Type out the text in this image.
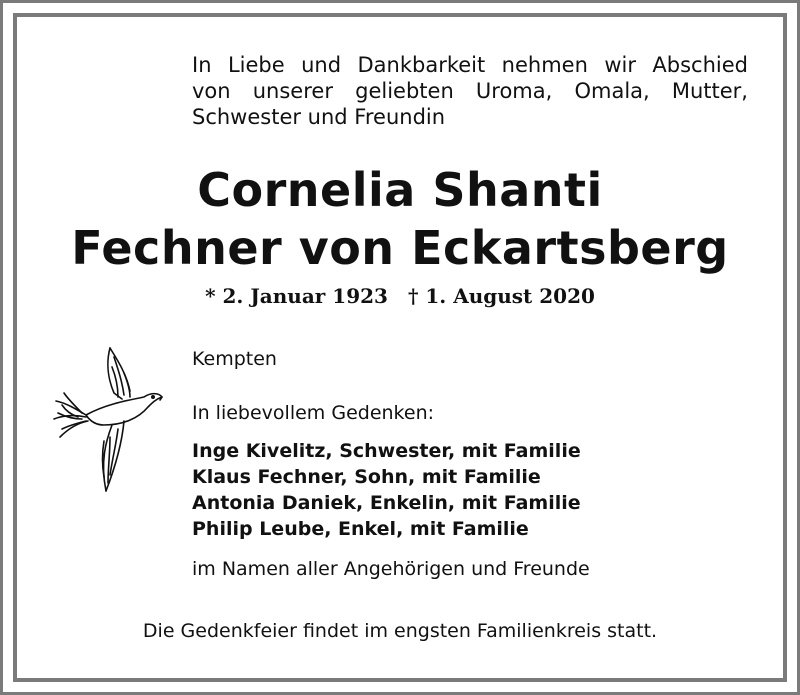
In Liebe und Dankbarkeit nehmen wir Abschied
von unserer geliebten Uroma, Omala, Mutter,
Schwester und Freundin
Cornelia Shanti
Fechner von Eckartsberg
* 2. Januar 1923 † 1. August 2020
Kempten
In liebevollem Gedenken:
Inge Kivelitz, Schwester, mit Familie
Klaus Fechner, Sohn, mit Familie
Antonia Daniek, Enkelin, mit Familie
Philip Leube, Enkel, mit Familie
im Namen aller Angehörigen und Freunde
Die Gedenkfeier findet im engsten Familienkreis statt.
